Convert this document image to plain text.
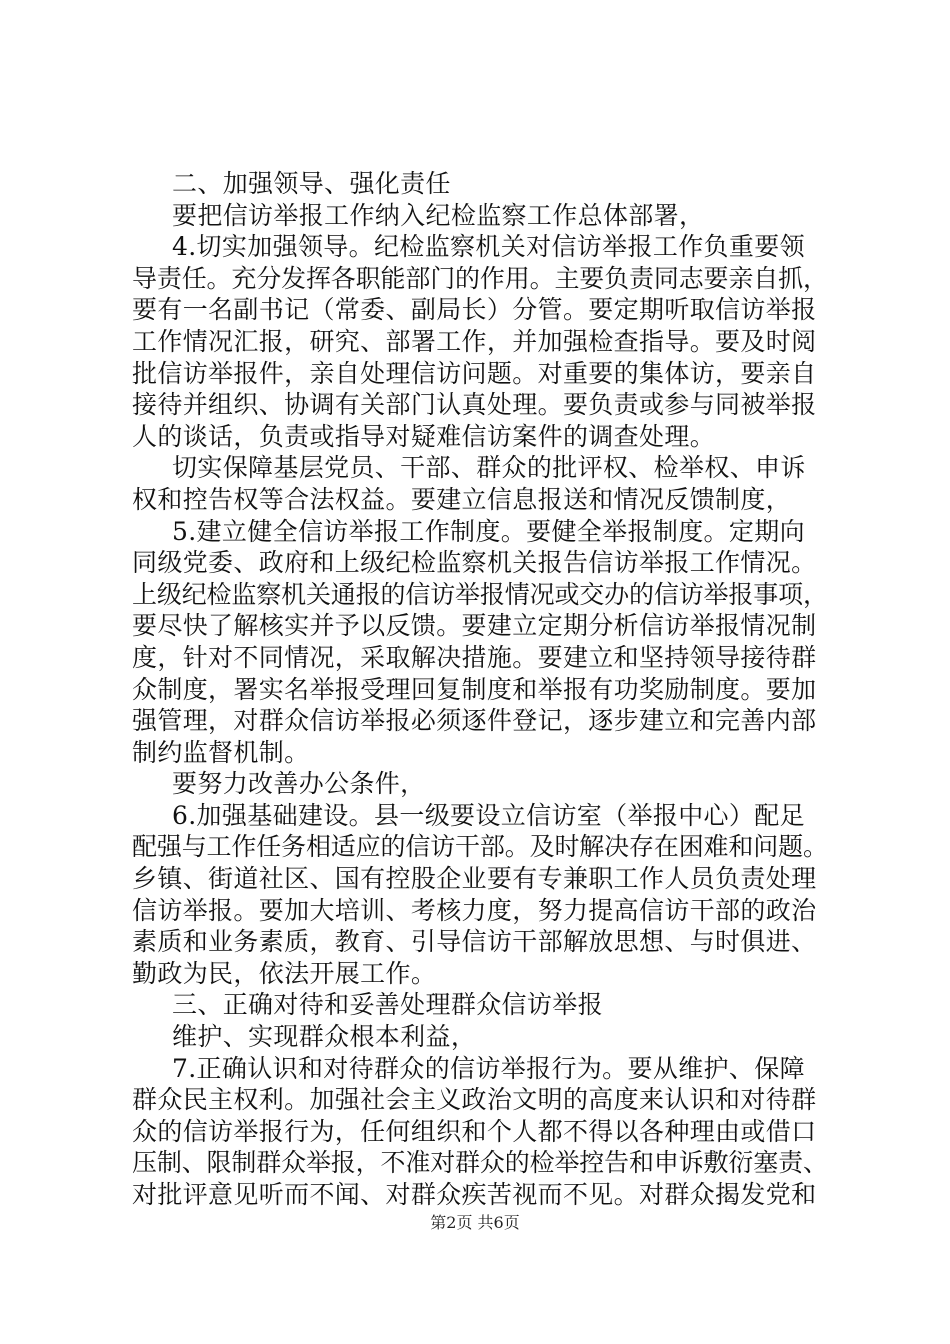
二、加强领导、强化责任
要把信访举报工作纳入纪检监察工作总体部署，
4.切实加强领导。纪检监察机关对信访举报工作负重要领
导责任。充分发挥各职能部门的作用。主要负责同志要亲自抓，
要有一名副书记（常委、副局长）分管。要定期听取信访举报
工作情况汇报，研究、部署工作，并加强检查指导。要及时阅
批信访举报件，亲自处理信访问题。对重要的集体访，要亲自
接待并组织、协调有关部门认真处理。要负责或参与同被举报
人的谈话，负责或指导对疑难信访案件的调查处理。
切实保障基层党员、干部、群众的批评权、检举权、申诉
权和控告权等合法权益。要建立信息报送和情况反馈制度，
5.建立健全信访举报工作制度。要健全举报制度。定期向
同级党委、政府和上级纪检监察机关报告信访举报工作情况。
上级纪检监察机关通报的信访举报情况或交办的信访举报事项，
要尽快了解核实并予以反馈。要建立定期分析信访举报情况制
度，针对不同情况，采取解决措施。要建立和坚持领导接待群
众制度，署实名举报受理回复制度和举报有功奖励制度。要加
强管理，对群众信访举报必须逐件登记，逐步建立和完善内部
制约监督机制。
要努力改善办公条件，
6.加强基础建设。县一级要设立信访室（举报中心）配足
配强与工作任务相适应的信访干部。及时解决存在困难和问题。
乡镇、街道社区、国有控股企业要有专兼职工作人员负责处理
信访举报。要加大培训、考核力度，努力提高信访干部的政治
素质和业务素质，教育、引导信访干部解放思想、与时俱进、
勤政为民，依法开展工作。
三、正确对待和妥善处理群众信访举报
维护、实现群众根本利益，
7.正确认识和对待群众的信访举报行为。要从维护、保障
群众民主权利。加强社会主义政治文明的高度来认识和对待群
众的信访举报行为，任何组织和个人都不得以各种理由或借口
压制、限制群众举报，不准对群众的检举控告和申诉敷衍塞责、
对批评意见听而不闻、对群众疾苦视而不见。对群众揭发党和
第2页 共6页
